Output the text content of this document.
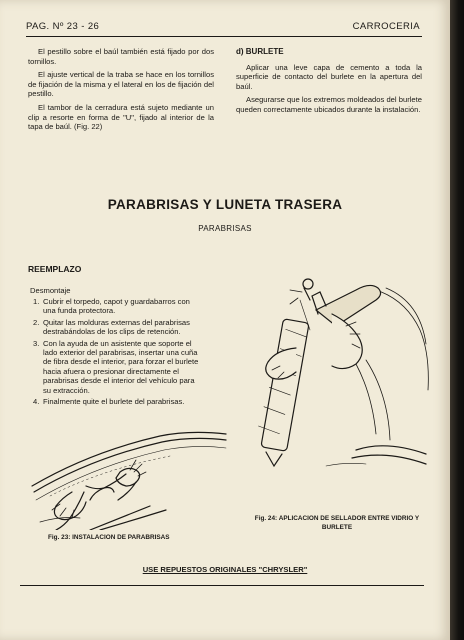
PAG. Nº 23 - 26	CARROCERIA

El pestillo sobre el baúl también está fijado por dos tornillos.

El ajuste vertical de la traba se hace en los tornillos de fijación de la misma y el lateral en los de fijación del pestillo.

El tambor de la cerradura está sujeto mediante un clip a resorte en forma de "U", fijado al interior de la tapa de baúl. (Fig. 22)

d) BURLETE

Aplicar una leve capa de cemento a toda la superficie de contacto del burlete en la apertura del baúl.

Asegurarse que los extremos moldeados del burlete queden correctamente ubicados durante la instalación.

PARABRISAS Y LUNETA TRASERA
PARABRISAS
REEMPLAZO
Desmontaje
1. Cubrir el torpedo, capot y guardabarros con una funda protectora.
2. Quitar las molduras externas del parabrisas destrabándolas de los clips de retención.
3. Con la ayuda de un asistente que soporte el lado exterior del parabrisas, insertar una cuña de fibra desde el interior, para forzar el burlete hacia afuera o presionar directamente el parabrisas desde el interior del vehículo para su extracción.
4. Finalmente quite el burlete del parabrisas.
Fig. 23: INSTALACION DE PARABRISAS
Fig. 24: APLICACION DE SELLADOR ENTRE VIDRIO Y BURLETE
USE REPUESTOS ORIGINALES "CHRYSLER"
